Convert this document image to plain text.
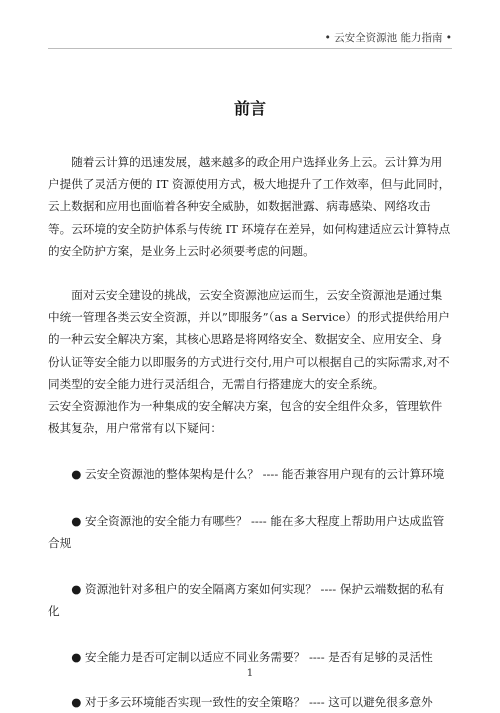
• 云安全资源池 能力指南 •
前言

随着云计算的迅速发展，越来越多的政企用户选择业务上云。云计算为用户提供了灵活方便的 IT 资源使用方式，极大地提升了工作效率，但与此同时，云上数据和应用也面临着各种安全威胁，如数据泄露、病毒感染、网络攻击等。云环境的安全防护体系与传统 IT 环境存在差异，如何构建适应云计算特点的安全防护方案，是业务上云时必须要考虑的问题。

面对云安全建设的挑战，云安全资源池应运而生，云安全资源池是通过集中统一管理各类云安全资源，并以”即服务”（as a Service）的形式提供给用户的一种云安全解决方案，其核心思路是将网络安全、数据安全、应用安全、身份认证等安全能力以即服务的方式进行交付,用户可以根据自己的实际需求,对不同类型的安全能力进行灵活组合，无需自行搭建庞大的安全系统。

云安全资源池作为一种集成的安全解决方案，包含的安全组件众多，管理软件极其复杂，用户常常有以下疑问：

● 云安全资源池的整体架构是什么？ ---- 能否兼容用户现有的云计算环境

● 安全资源池的安全能力有哪些？ ---- 能在多大程度上帮助用户达成监管合规

● 资源池针对多租户的安全隔离方案如何实现？ ---- 保护云端数据的私有化

● 安全能力是否可定制以适应不同业务需要？ ---- 是否有足够的灵活性

● 对于多云环境能否实现一致性的安全策略？ ---- 这可以避免很多意外

1
